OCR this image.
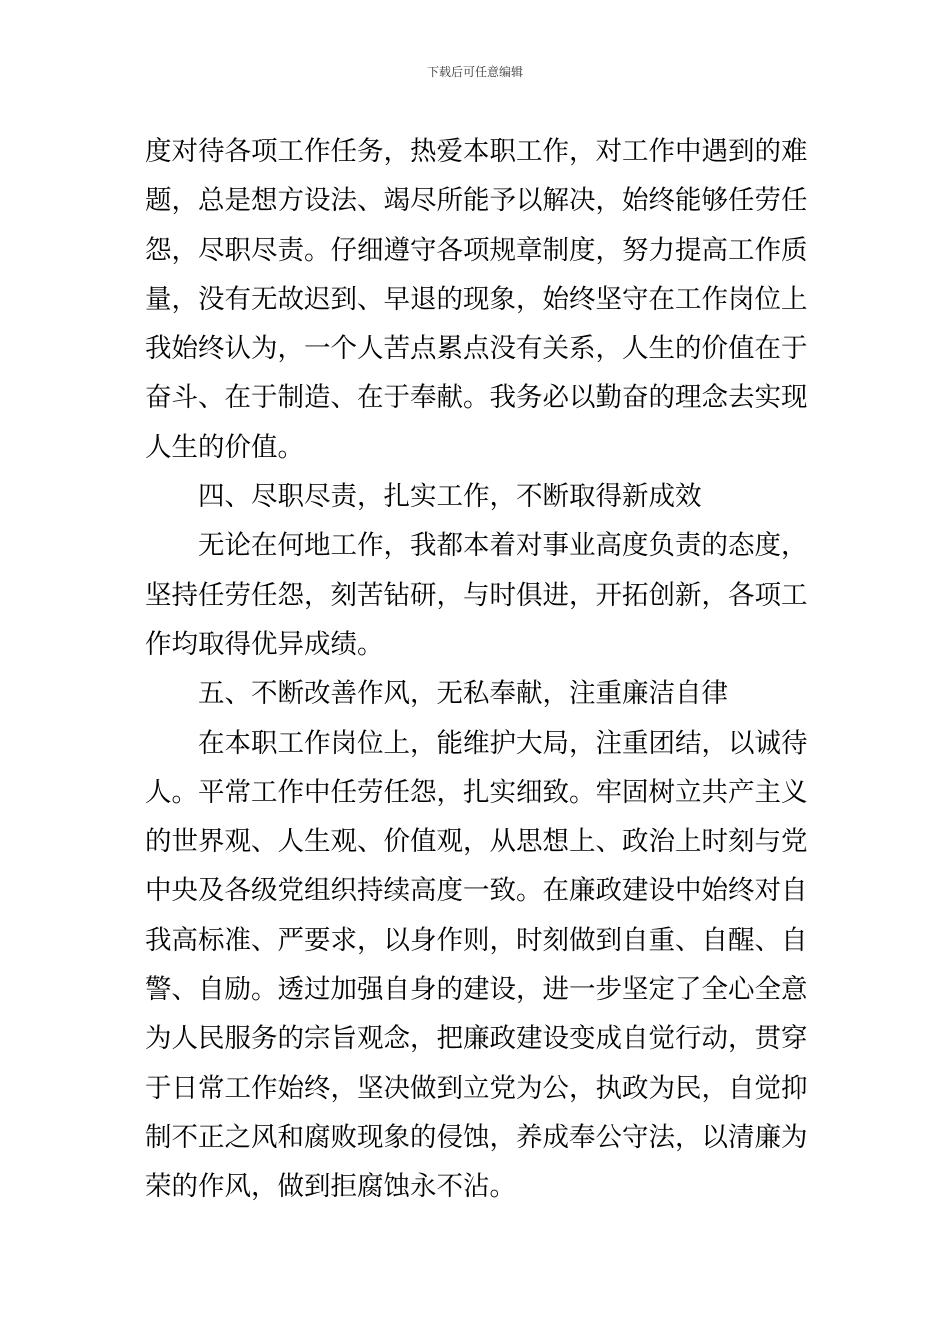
下载后可任意编辑
度对待各项工作任务，热爱本职工作，对工作中遇到的难
题，总是想方设法、竭尽所能予以解决，始终能够任劳任
怨，尽职尽责。仔细遵守各项规章制度，努力提高工作质
量，没有无故迟到、早退的现象，始终坚守在工作岗位上
我始终认为，一个人苦点累点没有关系，人生的价值在于
奋斗、在于制造、在于奉献。我务必以勤奋的理念去实现
人生的价值。
四、尽职尽责，扎实工作，不断取得新成效
无论在何地工作，我都本着对事业高度负责的态度，
坚持任劳任怨，刻苦钻研，与时俱进，开拓创新，各项工
作均取得优异成绩。
五、不断改善作风，无私奉献，注重廉洁自律
在本职工作岗位上，能维护大局，注重团结，以诚待
人。平常工作中任劳任怨，扎实细致。牢固树立共产主义
的世界观、人生观、价值观，从思想上、政治上时刻与党
中央及各级党组织持续高度一致。在廉政建设中始终对自
我高标准、严要求，以身作则，时刻做到自重、自醒、自
警、自励。透过加强自身的建设，进一步坚定了全心全意
为人民服务的宗旨观念，把廉政建设变成自觉行动，贯穿
于日常工作始终，坚决做到立党为公，执政为民，自觉抑
制不正之风和腐败现象的侵蚀，养成奉公守法，以清廉为
荣的作风，做到拒腐蚀永不沾。
